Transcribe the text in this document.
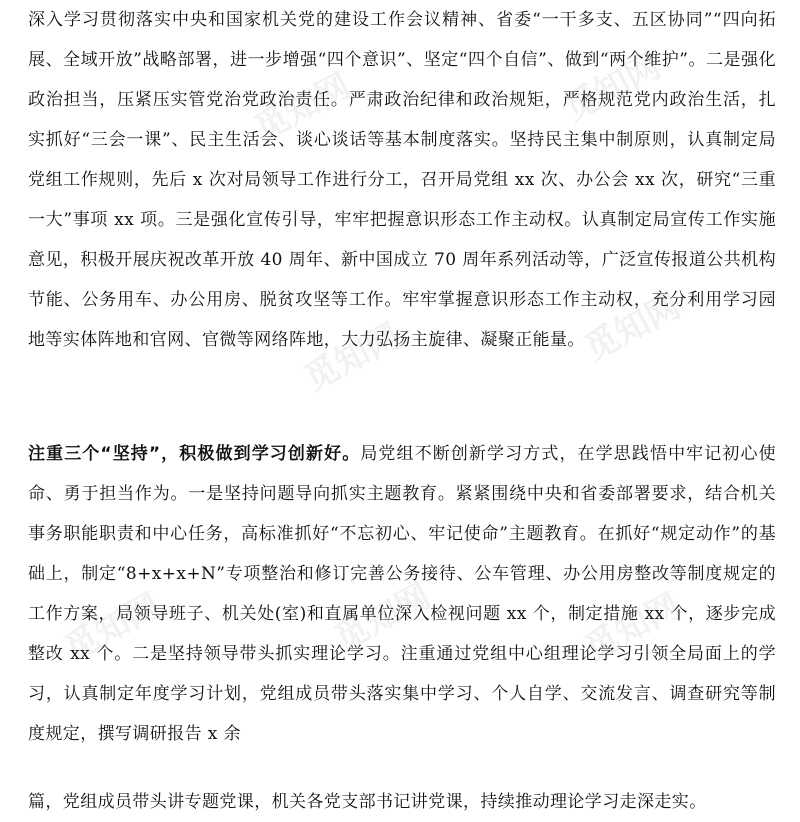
深入学习贯彻落实中央和国家机关党的建设工作会议精神、省委“一干多支、五区协同”“四向拓展、全域开放”战略部署，进一步增强“四个意识”、坚定“四个自信”、做到“两个维护”。二是强化政治担当，压紧压实管党治党政治责任。严肃政治纪律和政治规矩，严格规范党内政治生活，扎实抓好“三会一课”、民主生活会、谈心谈话等基本制度落实。坚持民主集中制原则，认真制定局党组工作规则，先后 x 次对局领导工作进行分工，召开局党组 xx 次、办公会 xx 次，研究“三重一大”事项 xx 项。三是强化宣传引导，牢牢把握意识形态工作主动权。认真制定局宣传工作实施意见，积极开展庆祝改革开放 40 周年、新中国成立 70 周年系列活动等，广泛宣传报道公共机构节能、公务用车、办公用房、脱贫攻坚等工作。牢牢掌握意识形态工作主动权，充分利用学习园地等实体阵地和官网、官微等网络阵地，大力弘扬主旋律、凝聚正能量。

注重三个“坚持”，积极做到学习创新好。局党组不断创新学习方式，在学思践悟中牢记初心使命、勇于担当作为。一是坚持问题导向抓实主题教育。紧紧围绕中央和省委部署要求，结合机关事务职能职责和中心任务，高标准抓好“不忘初心、牢记使命”主题教育。在抓好“规定动作”的基础上，制定“8+x+x+N”专项整治和修订完善公务接待、公车管理、办公用房整改等制度规定的工作方案，局领导班子、机关处(室)和直属单位深入检视问题 xx 个，制定措施 xx 个，逐步完成整改 xx 个。二是坚持领导带头抓实理论学习。注重通过党组中心组理论学习引领全局面上的学习，认真制定年度学习计划，党组成员带头落实集中学习、个人自学、交流发言、调查研究等制度规定，撰写调研报告 x 余

篇，党组成员带头讲专题党课，机关各党支部书记讲党课，持续推动理论学习走深走实。

觅知网	觅知网
觅知网	觅知网
觅知网	觅知网	觅知网
